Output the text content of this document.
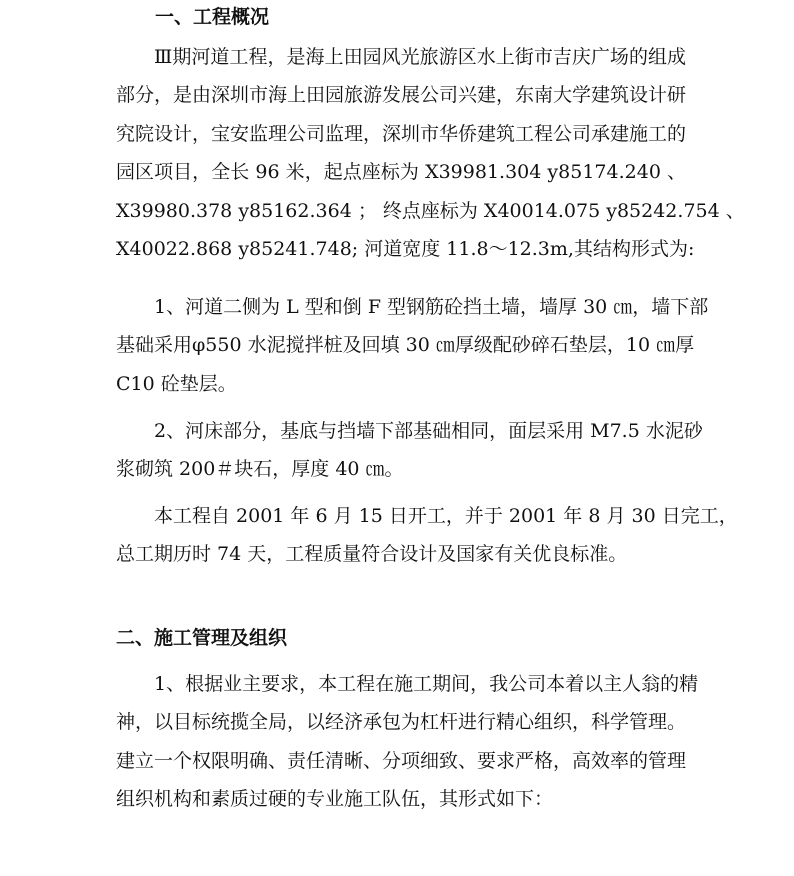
一、工程概况
Ⅲ期河道工程，是海上田园风光旅游区水上街市吉庆广场的组成
部分，是由深圳市海上田园旅游发展公司兴建，东南大学建筑设计研
究院设计，宝安监理公司监理，深圳市华侨建筑工程公司承建施工的
园区项目，全长 96 米，起点座标为 X39981.304 y85174.240 、
X39980.378 y85162.364 ； 终点座标为 X40014.075 y85242.754 、
X40022.868 y85241.748; 河道宽度 11.8～12.3m,其结构形式为:
1、河道二侧为 L 型和倒 F 型钢筋砼挡土墙，墙厚 30 ㎝，墙下部
基础采用φ550 水泥搅拌桩及回填 30 ㎝厚级配砂碎石垫层，10 ㎝厚
C10 砼垫层。
2、河床部分，基底与挡墙下部基础相同，面层采用 M7.5 水泥砂
浆砌筑 200＃块石，厚度 40 ㎝。
本工程自 2001 年 6 月 15 日开工，并于 2001 年 8 月 30 日完工，
总工期历时 74 天，工程质量符合设计及国家有关优良标准。
二、施工管理及组织
1、根据业主要求，本工程在施工期间，我公司本着以主人翁的精
神，以目标统揽全局，以经济承包为杠杆进行精心组织，科学管理。
建立一个权限明确、责任清晰、分项细致、要求严格，高效率的管理
组织机构和素质过硬的专业施工队伍，其形式如下：
